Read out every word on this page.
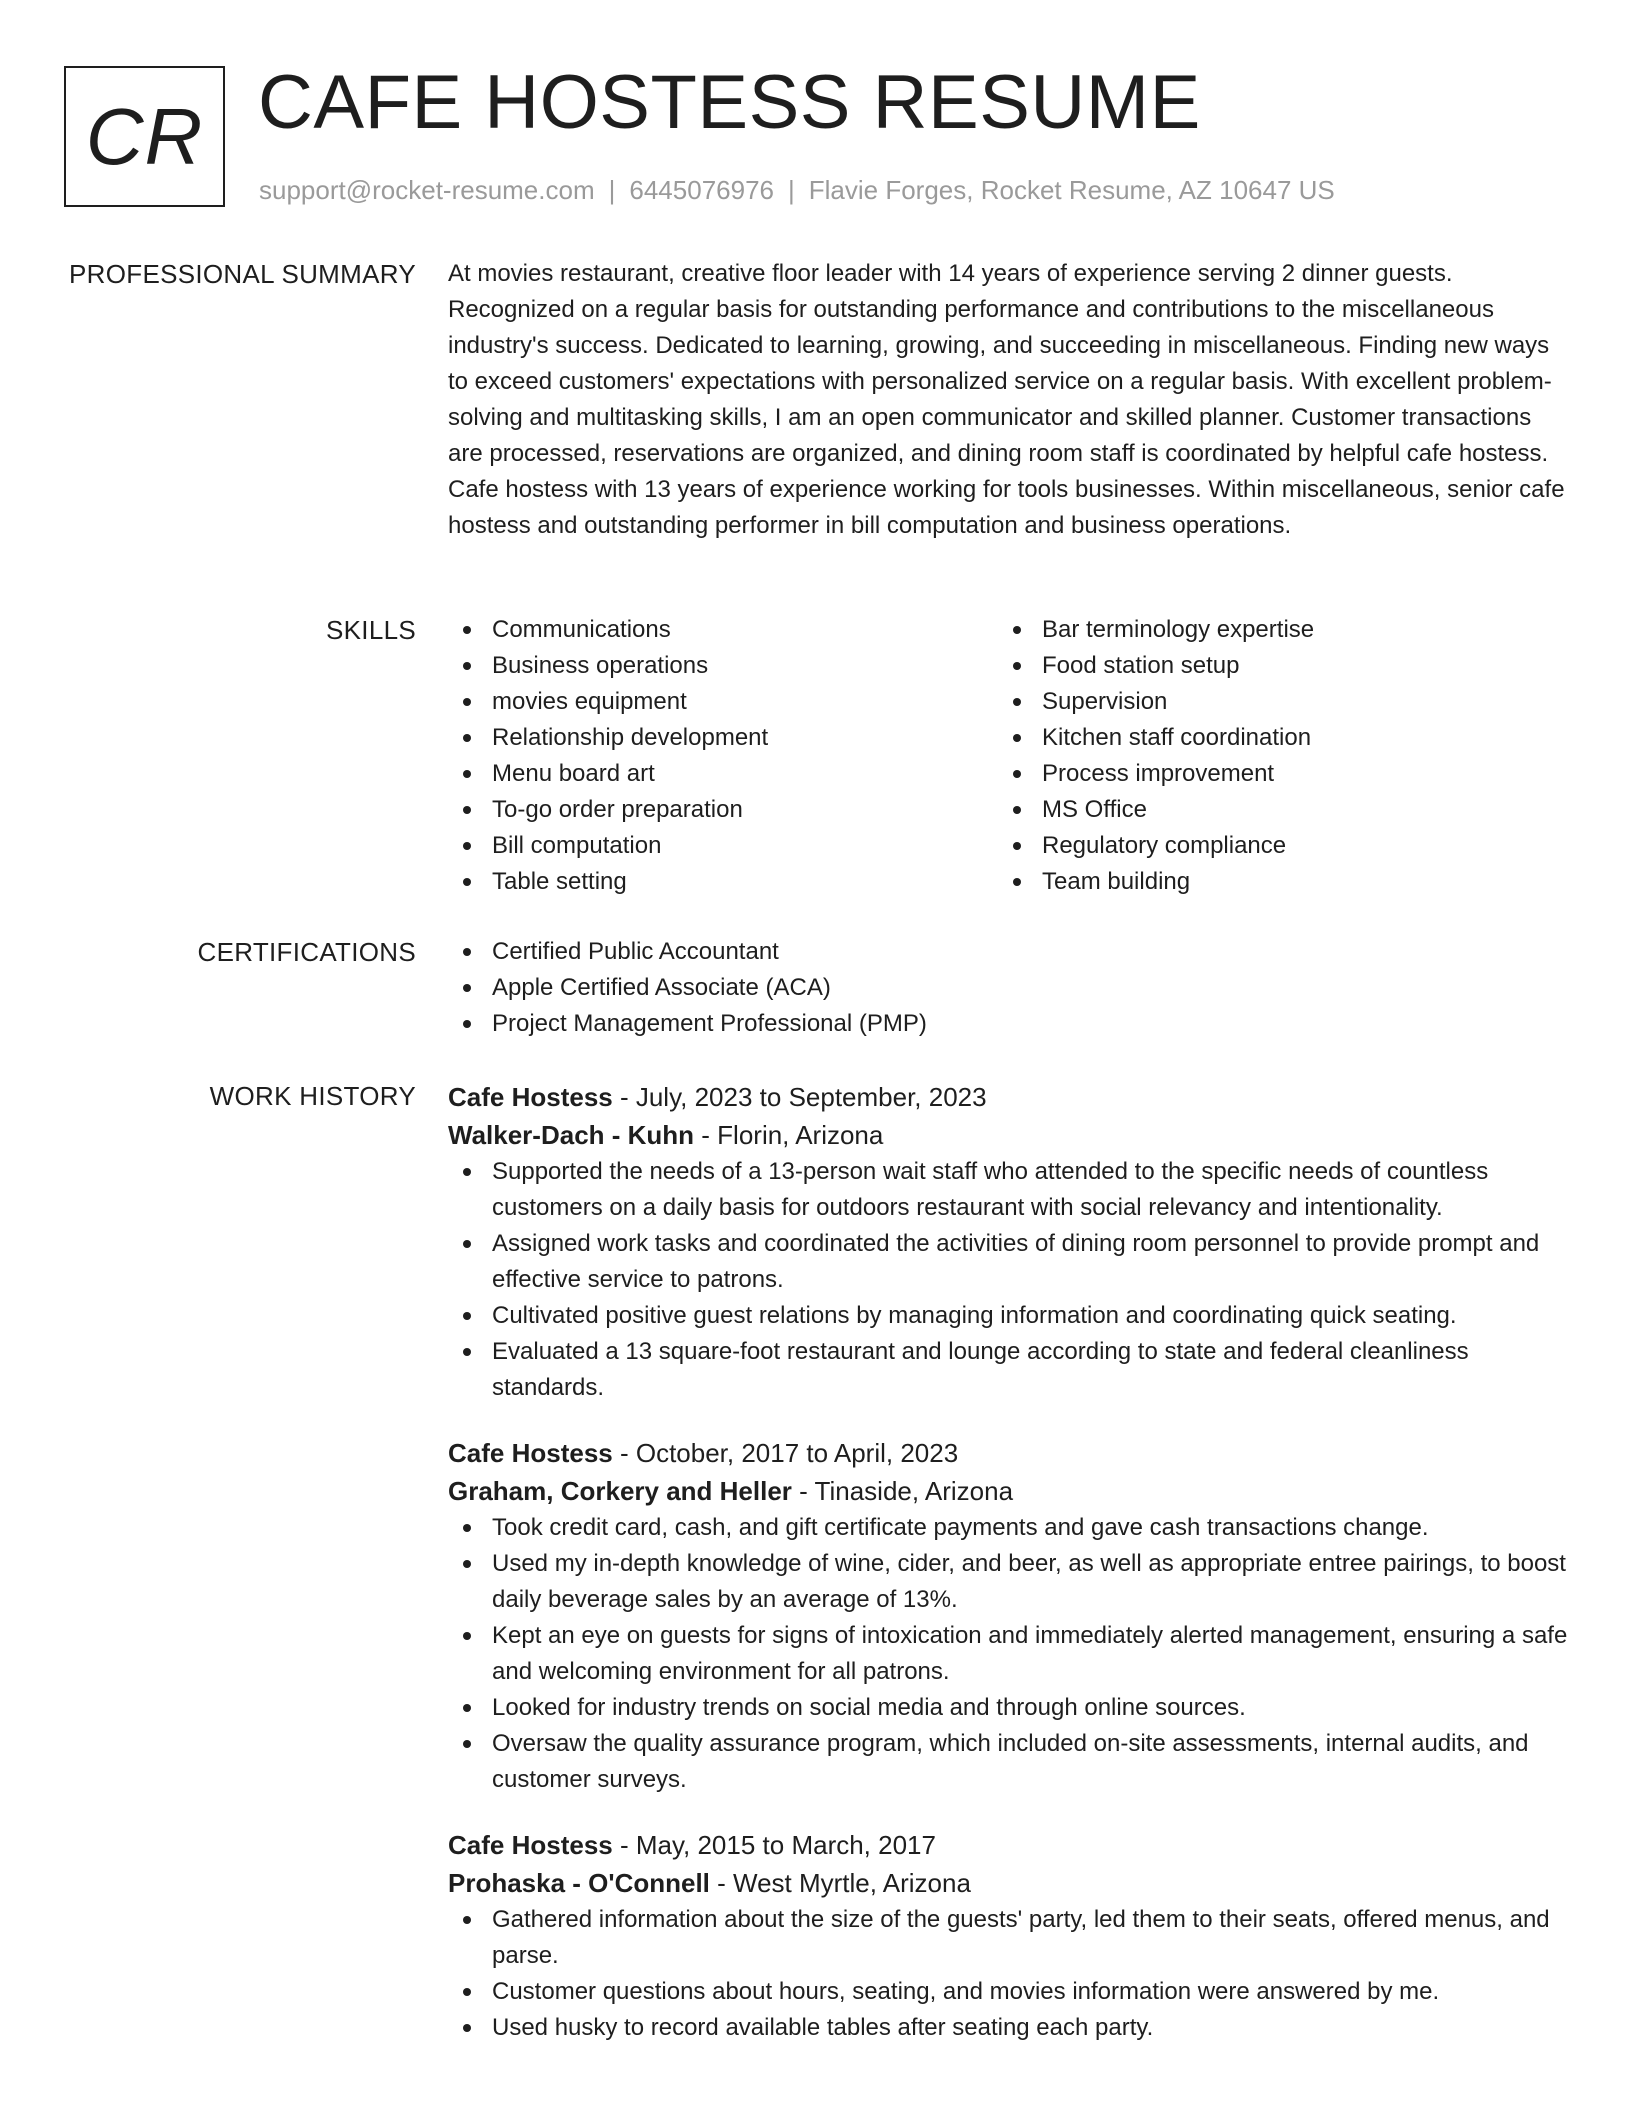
CR CAFE HOSTESS RESUME
support@rocket-resume.com | 6445076976 | Flavie Forges, Rocket Resume, AZ 10647 US
PROFESSIONAL SUMMARY At movies restaurant, creative floor leader with 14 years of experience serving 2 dinner guests. Recognized on a regular basis for outstanding performance and contributions to the miscellaneous industry's success. Dedicated to learning, growing, and succeeding in miscellaneous. Finding new ways to exceed customers' expectations with personalized service on a regular basis. With excellent problem-solving and multitasking skills, I am an open communicator and skilled planner. Customer transactions are processed, reservations are organized, and dining room staff is coordinated by helpful cafe hostess. Cafe hostess with 13 years of experience working for tools businesses. Within miscellaneous, senior cafe hostess and outstanding performer in bill computation and business operations.

SKILLS	Communications
Business operations
movies equipment
Relationship development
Menu board art
To-go order preparation
Bill computation
Table setting
Bar terminology expertise
Food station setup
Supervision
Kitchen staff coordination
Process improvement
MS Office
Regulatory compliance
Team building
CERTIFICATIONS	Certified Public Accountant
Apple Certified Associate (ACA)
Project Management Professional (PMP)
WORK HISTORY Cafe Hostess - July, 2023 to September, 2023
Walker-Dach - Kuhn - Florin, Arizona
Supported the needs of a 13-person wait staff who attended to the specific needs of countless customers on a daily basis for outdoors restaurant with social relevancy and intentionality.
Assigned work tasks and coordinated the activities of dining room personnel to provide prompt and effective service to patrons.
Cultivated positive guest relations by managing information and coordinating quick seating.
Evaluated a 13 square-foot restaurant and lounge according to state and federal cleanliness standards.
Cafe Hostess - October, 2017 to April, 2023
Graham, Corkery and Heller - Tinaside, Arizona
Took credit card, cash, and gift certificate payments and gave cash transactions change.
Used my in-depth knowledge of wine, cider, and beer, as well as appropriate entree pairings, to boost daily beverage sales by an average of 13%.
Kept an eye on guests for signs of intoxication and immediately alerted management, ensuring a safe and welcoming environment for all patrons.
Looked for industry trends on social media and through online sources.
Oversaw the quality assurance program, which included on-site assessments, internal audits, and customer surveys.
Cafe Hostess - May, 2015 to March, 2017
Prohaska - O'Connell - West Myrtle, Arizona
Gathered information about the size of the guests' party, led them to their seats, offered menus, and parse.
Customer questions about hours, seating, and movies information were answered by me.
Used husky to record available tables after seating each party.
